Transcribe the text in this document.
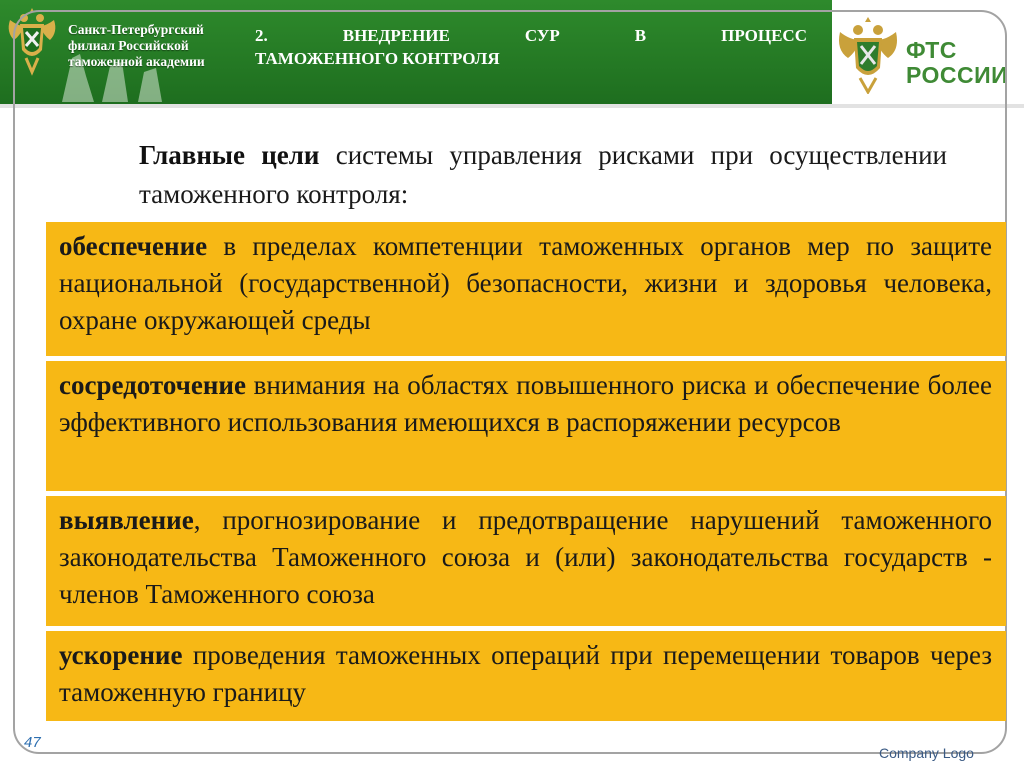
Санкт-Петербургский
филиал Российской
таможенной академии
2.	ВНЕДРЕНИЕ	СУР	В	ПРОЦЕСС
ТАМОЖЕННОГО КОНТРОЛЯ	ФТС
РОССИИ
Главные цели системы управления рисками при осуществлении таможенного контроля:
обеспечение в пределах компетенции таможенных органов мер по защите национальной (государственной) безопасности, жизни и здоровья человека, охране окружающей среды
сосредоточение внимания на областях повышенного риска и обеспечение более эффективного использования имеющихся в распоряжении ресурсов
выявление, прогнозирование и предотвращение нарушений таможенного законодательства Таможенного союза и (или) законодательства государств - членов Таможенного союза
ускорение проведения таможенных операций при перемещении товаров через таможенную границу
47
Company Logo
